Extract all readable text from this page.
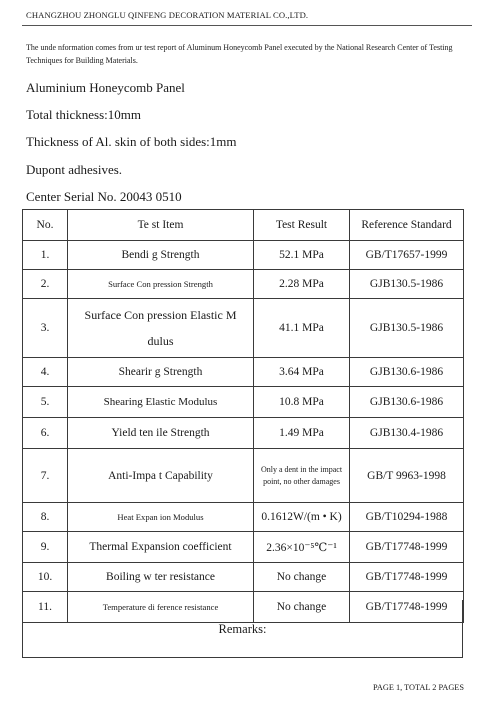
CHANGZHOU ZHONGLU QINFENG DECORATION MATERIAL CO.,LTD.
The unde nformation comes from ur test report of Aluminum Honeycomb Panel executed by the National Research Center of Testing Techniques for Building Materials.
Aluminium Honeycomb Panel
Total thickness:10mm
Thickness of Al. skin of both sides:1mm
Dupont adhesives.
Center Serial No. 20043 0510
No.	Te st Item	Test Result	Reference Standard
1.	Bendi g Strength	52.1 MPa	GB/T17657-1999
2.	Surface Con pression Strength	2.28 MPa	GJB130.5-1986
3.	Surface Con pression Elastic M dulus	41.1 MPa	GJB130.5-1986
4.	Shearir g Strength	3.64 MPa	GJB130.6-1986
5.	Shearing Elastic Modulus	10.8 MPa	GJB130.6-1986
6.	Yield ten ile Strength	1.49 MPa	GJB130.4-1986
7.	Anti-Impa t Capability	Only a dent in the impact point, no other damages	GB/T 9963-1998
8.	Heat Expan ion Modulus	0.1612W/(m • K)	GB/T10294-1988
9.	Thermal Expansion coefficient	2.36×10⁻⁵℃⁻¹	GB/T17748-1999
10.	Boiling w ter resistance	No change	GB/T17748-1999
11.	Temperature di ference resistance	No change	GB/T17748-1999
Remarks:
PAGE 1, TOTAL 2 PAGES
